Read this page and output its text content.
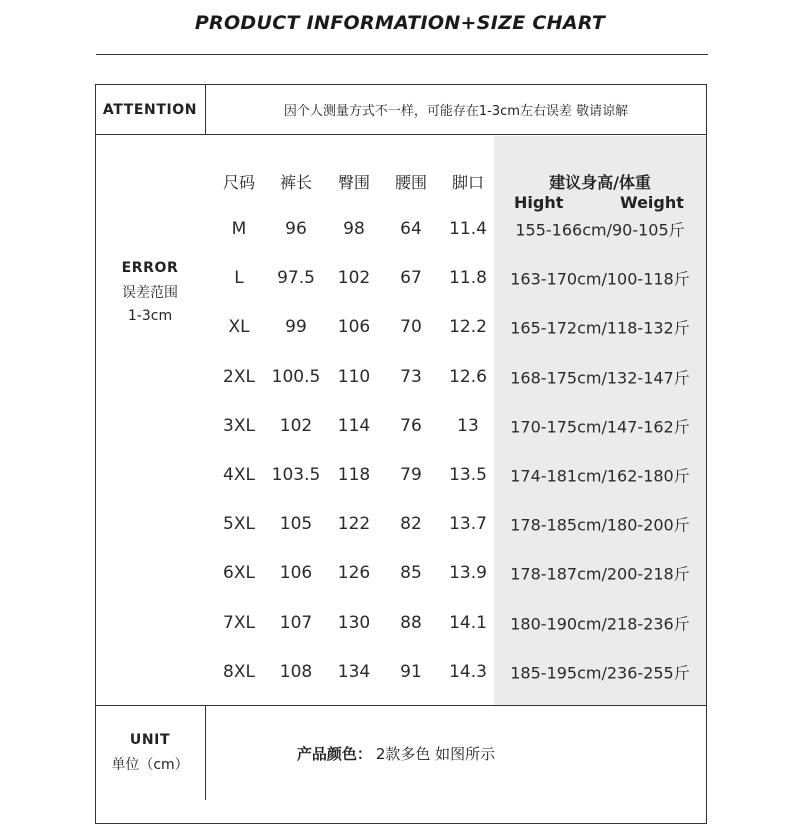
PRODUCT INFORMATION+SIZE CHART
ATTENTION	因个人测量方式不一样，可能存在1-3cm左右误差 敬请谅解
ERROR
误差范围
1-3cm
尺码	裤长	臀围	腰围	脚口	建议身高/体重
Hight	Weight
M	96	98	64	11.4	155-166cm/90-105斤
L	97.5	102	67	11.8	163-170cm/100-118斤
XL	99	106	70	12.2	165-172cm/118-132斤
2XL 100.5	110	73	12.6	168-175cm/132-147斤
3XL	102	114	76	13	170-175cm/147-162斤
4XL 103.5	118	79	13.5	174-181cm/162-180斤
5XL	105	122	82	13.7	178-185cm/180-200斤
6XL	106	126	85	13.9	178-187cm/200-218斤
7XL	107	130	88	14.1	180-190cm/218-236斤
8XL	108	134	91	14.3	185-195cm/236-255斤
UNIT
单位（cm）
产品颜色： 2款多色 如图所示
